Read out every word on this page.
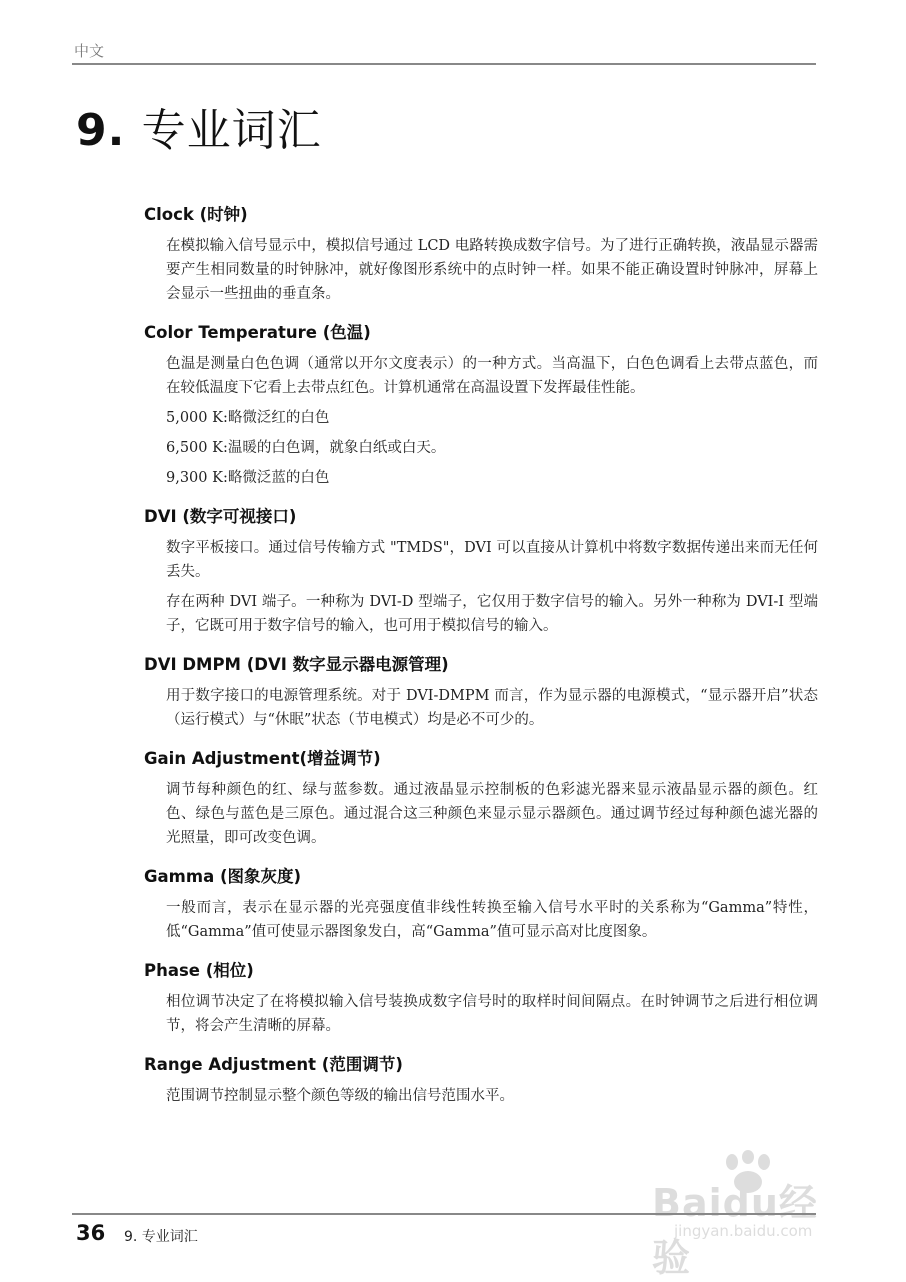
中文
9. 专业词汇
Clock (时钟)

在模拟输入信号显示中，模拟信号通过 LCD 电路转换成数字信号。为了进行正确转换，液晶显示器需要产生相同数量的时钟脉冲，就好像图形系统中的点时钟一样。如果不能正确设置时钟脉冲，屏幕上会显示一些扭曲的垂直条。

Color Temperature (色温)

色温是测量白色色调（通常以开尔文度表示）的一种方式。当高温下，白色色调看上去带点蓝色，而在较低温度下它看上去带点红色。计算机通常在高温设置下发挥最佳性能。

5,000 K:略微泛红的白色

6,500 K:温暖的白色调，就象白纸或白天。

9,300 K:略微泛蓝的白色

DVI (数字可视接口)

数字平板接口。通过信号传输方式 "TMDS"，DVI 可以直接从计算机中将数字数据传递出来而无任何丢失。

存在两种 DVI 端子。一种称为 DVI-D 型端子，它仅用于数字信号的输入。另外一种称为 DVI-I 型端子，它既可用于数字信号的输入，也可用于模拟信号的输入。

DVI DMPM (DVI 数字显示器电源管理)

用于数字接口的电源管理系统。对于 DVI-DMPM 而言，作为显示器的电源模式，“显示器开启”状态（运行模式）与“休眠”状态（节电模式）均是必不可少的。

Gain Adjustment(增益调节)

调节每种颜色的红、绿与蓝参数。通过液晶显示控制板的色彩滤光器来显示液晶显示器的颜色。红色、绿色与蓝色是三原色。通过混合这三种颜色来显示显示器颜色。通过调节经过每种颜色滤光器的光照量，即可改变色调。

Gamma (图象灰度)

一般而言，表示在显示器的光亮强度值非线性转换至输入信号水平时的关系称为“Gamma”特性，低“Gamma”值可使显示器图象发白，高“Gamma”值可显示高对比度图象。

Phase (相位)

相位调节决定了在将模拟输入信号装换成数字信号时的取样时间间隔点。在时钟调节之后进行相位调节，将会产生清晰的屏幕。

Range Adjustment (范围调节)

范围调节控制显示整个颜色等级的输出信号范围水平。

36 9. 专业词汇
Baidu经验
jingyan.baidu.com
